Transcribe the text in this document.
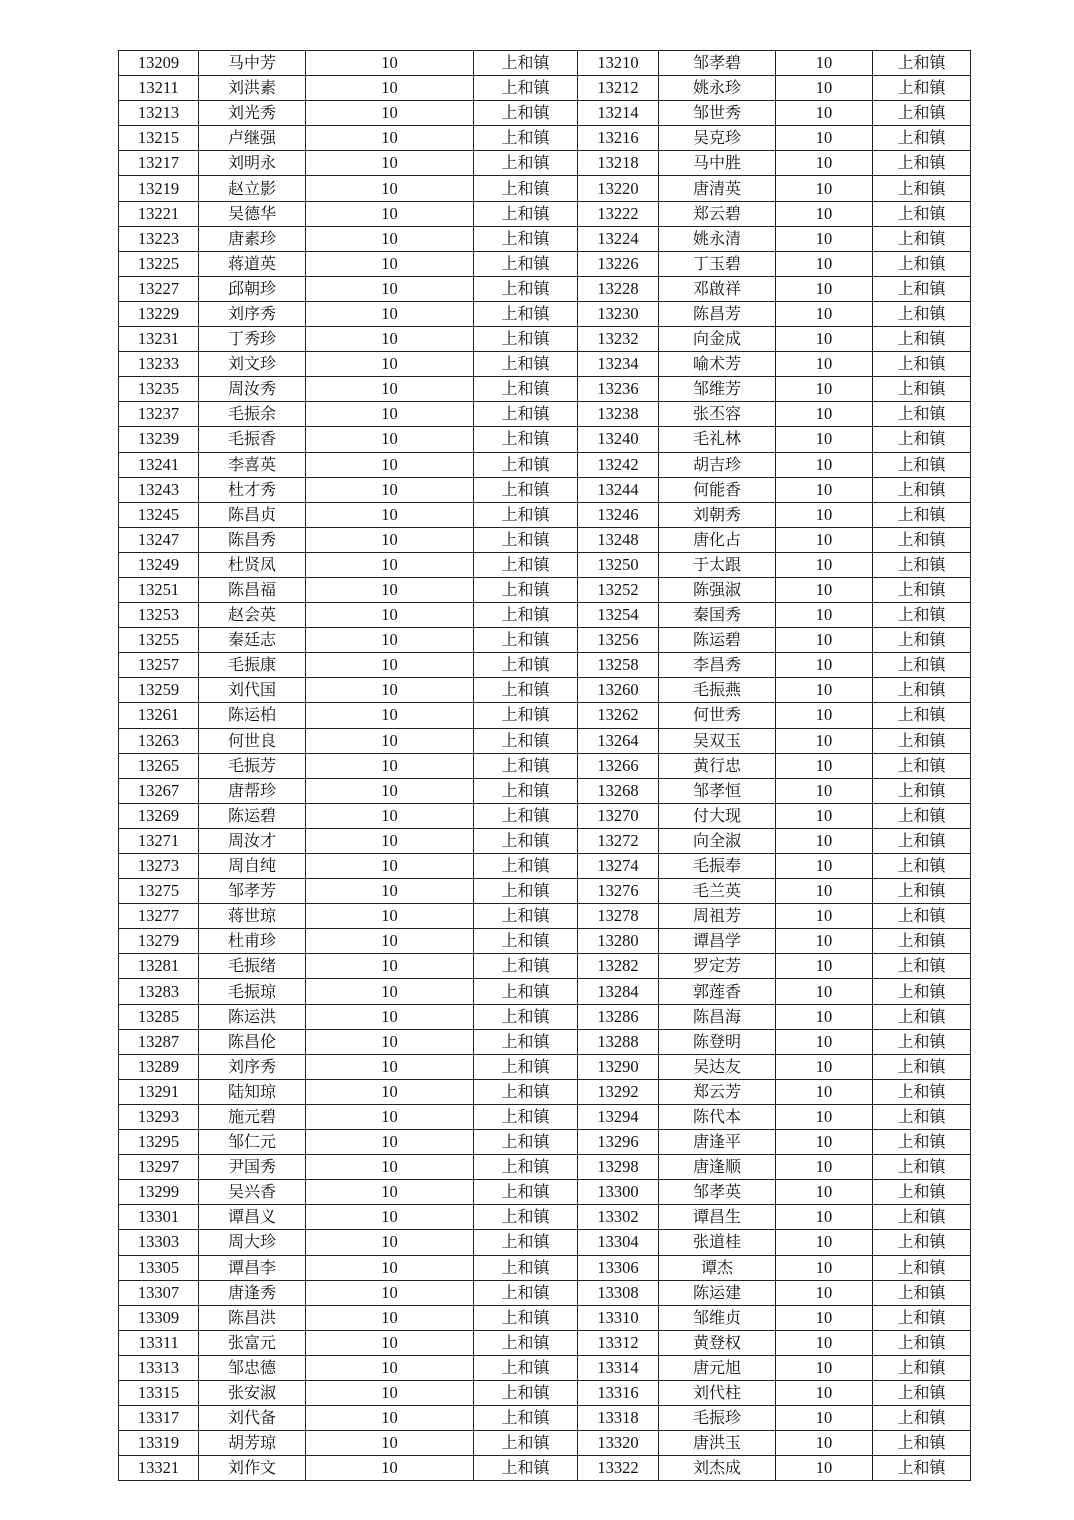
13209	马中芳	10	上和镇	13210	邹孝碧	10	上和镇
13211	刘洪素	10	上和镇	13212	姚永珍	10	上和镇
13213	刘光秀	10	上和镇	13214	邹世秀	10	上和镇
13215	卢继强	10	上和镇	13216	吴克珍	10	上和镇
13217	刘明永	10	上和镇	13218	马中胜	10	上和镇
13219	赵立影	10	上和镇	13220	唐清英	10	上和镇
13221	吴德华	10	上和镇	13222	郑云碧	10	上和镇
13223	唐素珍	10	上和镇	13224	姚永清	10	上和镇
13225	蒋道英	10	上和镇	13226	丁玉碧	10	上和镇
13227	邱朝珍	10	上和镇	13228	邓啟祥	10	上和镇
13229	刘序秀	10	上和镇	13230	陈昌芳	10	上和镇
13231	丁秀珍	10	上和镇	13232	向金成	10	上和镇
13233	刘文珍	10	上和镇	13234	喻术芳	10	上和镇
13235	周汝秀	10	上和镇	13236	邹维芳	10	上和镇
13237	毛振余	10	上和镇	13238	张丕容	10	上和镇
13239	毛振香	10	上和镇	13240	毛礼林	10	上和镇
13241	李喜英	10	上和镇	13242	胡吉珍	10	上和镇
13243	杜才秀	10	上和镇	13244	何能香	10	上和镇
13245	陈昌贞	10	上和镇	13246	刘朝秀	10	上和镇
13247	陈昌秀	10	上和镇	13248	唐化占	10	上和镇
13249	杜贤凤	10	上和镇	13250	于太跟	10	上和镇
13251	陈昌福	10	上和镇	13252	陈强淑	10	上和镇
13253	赵会英	10	上和镇	13254	秦国秀	10	上和镇
13255	秦廷志	10	上和镇	13256	陈运碧	10	上和镇
13257	毛振康	10	上和镇	13258	李昌秀	10	上和镇
13259	刘代国	10	上和镇	13260	毛振燕	10	上和镇
13261	陈运柏	10	上和镇	13262	何世秀	10	上和镇
13263	何世良	10	上和镇	13264	吴双玉	10	上和镇
13265	毛振芳	10	上和镇	13266	黄行忠	10	上和镇
13267	唐帮珍	10	上和镇	13268	邹孝恒	10	上和镇
13269	陈运碧	10	上和镇	13270	付大现	10	上和镇
13271	周汝才	10	上和镇	13272	向全淑	10	上和镇
13273	周自纯	10	上和镇	13274	毛振奉	10	上和镇
13275	邹孝芳	10	上和镇	13276	毛兰英	10	上和镇
13277	蒋世琼	10	上和镇	13278	周祖芳	10	上和镇
13279	杜甫珍	10	上和镇	13280	谭昌学	10	上和镇
13281	毛振绪	10	上和镇	13282	罗定芳	10	上和镇
13283	毛振琼	10	上和镇	13284	郭莲香	10	上和镇
13285	陈运洪	10	上和镇	13286	陈昌海	10	上和镇
13287	陈昌伦	10	上和镇	13288	陈登明	10	上和镇
13289	刘序秀	10	上和镇	13290	吴达友	10	上和镇
13291	陆知琼	10	上和镇	13292	郑云芳	10	上和镇
13293	施元碧	10	上和镇	13294	陈代本	10	上和镇
13295	邹仁元	10	上和镇	13296	唐逢平	10	上和镇
13297	尹国秀	10	上和镇	13298	唐逢顺	10	上和镇
13299	吴兴香	10	上和镇	13300	邹孝英	10	上和镇
13301	谭昌义	10	上和镇	13302	谭昌生	10	上和镇
13303	周大珍	10	上和镇	13304	张道桂	10	上和镇
13305	谭昌李	10	上和镇	13306	谭杰	10	上和镇
13307	唐逢秀	10	上和镇	13308	陈运建	10	上和镇
13309	陈昌洪	10	上和镇	13310	邹维贞	10	上和镇
13311	张富元	10	上和镇	13312	黄登权	10	上和镇
13313	邹忠德	10	上和镇	13314	唐元旭	10	上和镇
13315	张安淑	10	上和镇	13316	刘代柱	10	上和镇
13317	刘代备	10	上和镇	13318	毛振珍	10	上和镇
13319	胡芳琼	10	上和镇	13320	唐洪玉	10	上和镇
13321	刘作文	10	上和镇	13322	刘杰成	10	上和镇
